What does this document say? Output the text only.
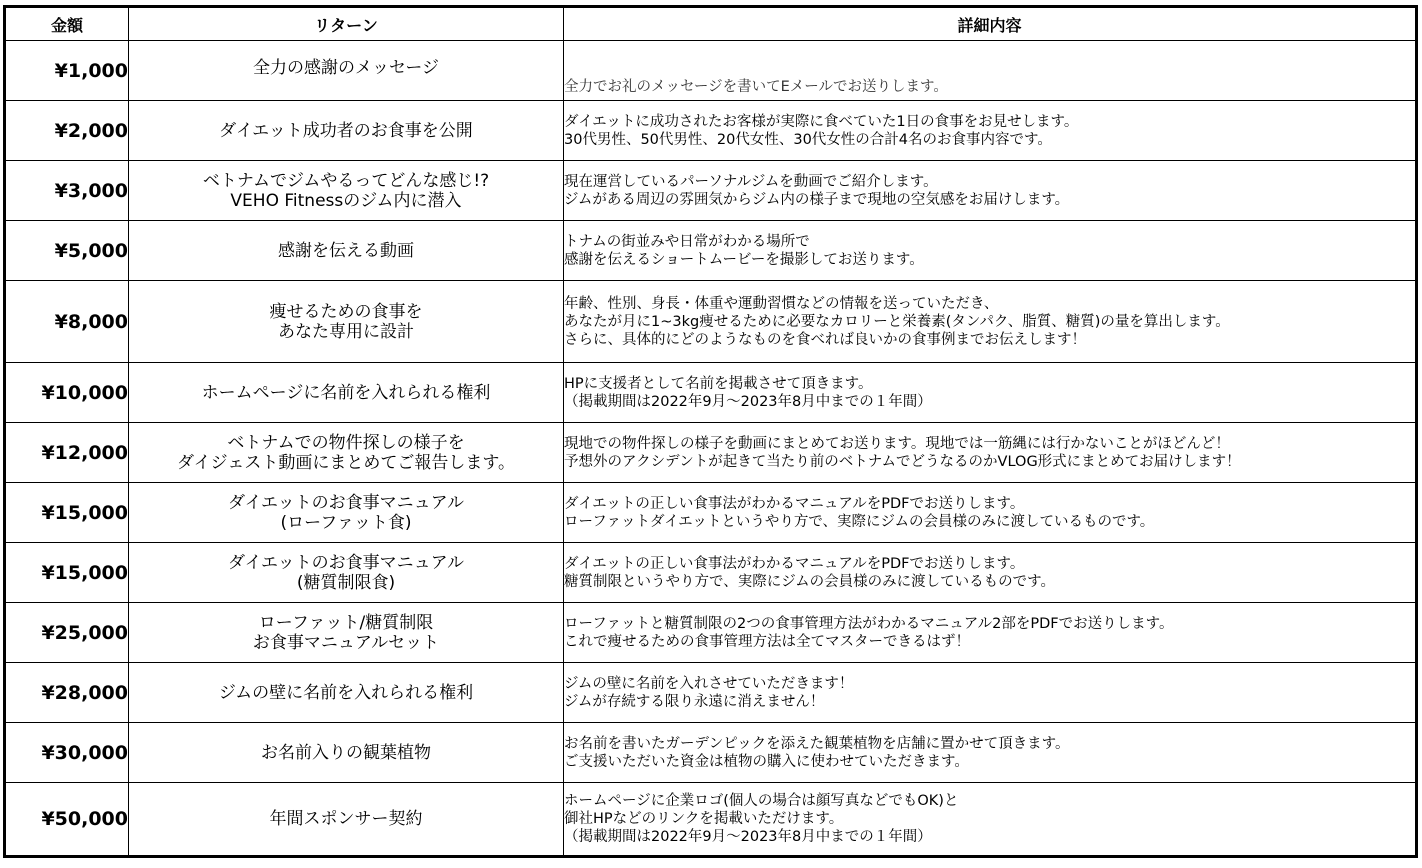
金額	リターン	詳細内容
¥1,000	全力の感謝のメッセージ	全力でお礼のメッセージを書いてEメールでお送りします。

¥2,000	ダイエット成功者のお食事を公開	ダイエットに成功されたお客様が実際に食べていた1日の食事をお見せします。
30代男性、50代男性、20代女性、30代女性の合計4名のお食事内容です。

¥3,000	ベトナムでジムやるってどんな感じ!?
VEHO Fitnessのジム内に潜入	現在運営しているパーソナルジムを動画でご紹介します。
ジムがある周辺の雰囲気からジム内の様子まで現地の空気感をお届けします。

¥5,000	感謝を伝える動画	トナムの街並みや日常がわかる場所で
感謝を伝えるショートムービーを撮影してお送ります。

¥8,000	痩せるための食事を
あなた専用に設計	年齢、性別、身長・体重や運動習慣などの情報を送っていただき、
あなたが月に1~3kg痩せるために必要なカロリーと栄養素(タンパク、脂質、糖質)の量を算出します。
さらに、具体的にどのようなものを食べれば良いかの食事例までお伝えします！

¥10,000	ホームページに名前を入れられる権利	HPに支援者として名前を掲載させて頂きます。
（掲載期間は2022年9月〜2023年8月中までの１年間）

¥12,000	ベトナムでの物件探しの様子を
ダイジェスト動画にまとめてご報告します。	現地での物件探しの様子を動画にまとめてお送ります。現地では一筋縄には行かないことがほどんど！
予想外のアクシデントが起きて当たり前のベトナムでどうなるのかVLOG形式にまとめてお届けします！

¥15,000	ダイエットのお食事マニュアル
(ローファット食)	ダイエットの正しい食事法がわかるマニュアルをPDFでお送りします。
ローファットダイエットというやり方で、実際にジムの会員様のみに渡しているものです。

¥15,000	ダイエットのお食事マニュアル
(糖質制限食)	ダイエットの正しい食事法がわかるマニュアルをPDFでお送りします。
糖質制限というやり方で、実際にジムの会員様のみに渡しているものです。

¥25,000	ローファット/糖質制限
お食事マニュアルセット	ローファットと糖質制限の2つの食事管理方法がわかるマニュアル2部をPDFでお送りします。
これで痩せるための食事管理方法は全てマスターできるはず！

¥28,000	ジムの壁に名前を入れられる権利	ジムの壁に名前を入れさせていただきます！
ジムが存続する限り永遠に消えません！

¥30,000	お名前入りの観葉植物	お名前を書いたガーデンピックを添えた観葉植物を店舗に置かせて頂きます。
ご支援いただいた資金は植物の購入に使わせていただきます。

¥50,000	年間スポンサー契約	ホームページに企業ロゴ(個人の場合は顔写真などでもOK)と
御社HPなどのリンクを掲載いただけます。
（掲載期間は2022年9月〜2023年8月中までの１年間）
